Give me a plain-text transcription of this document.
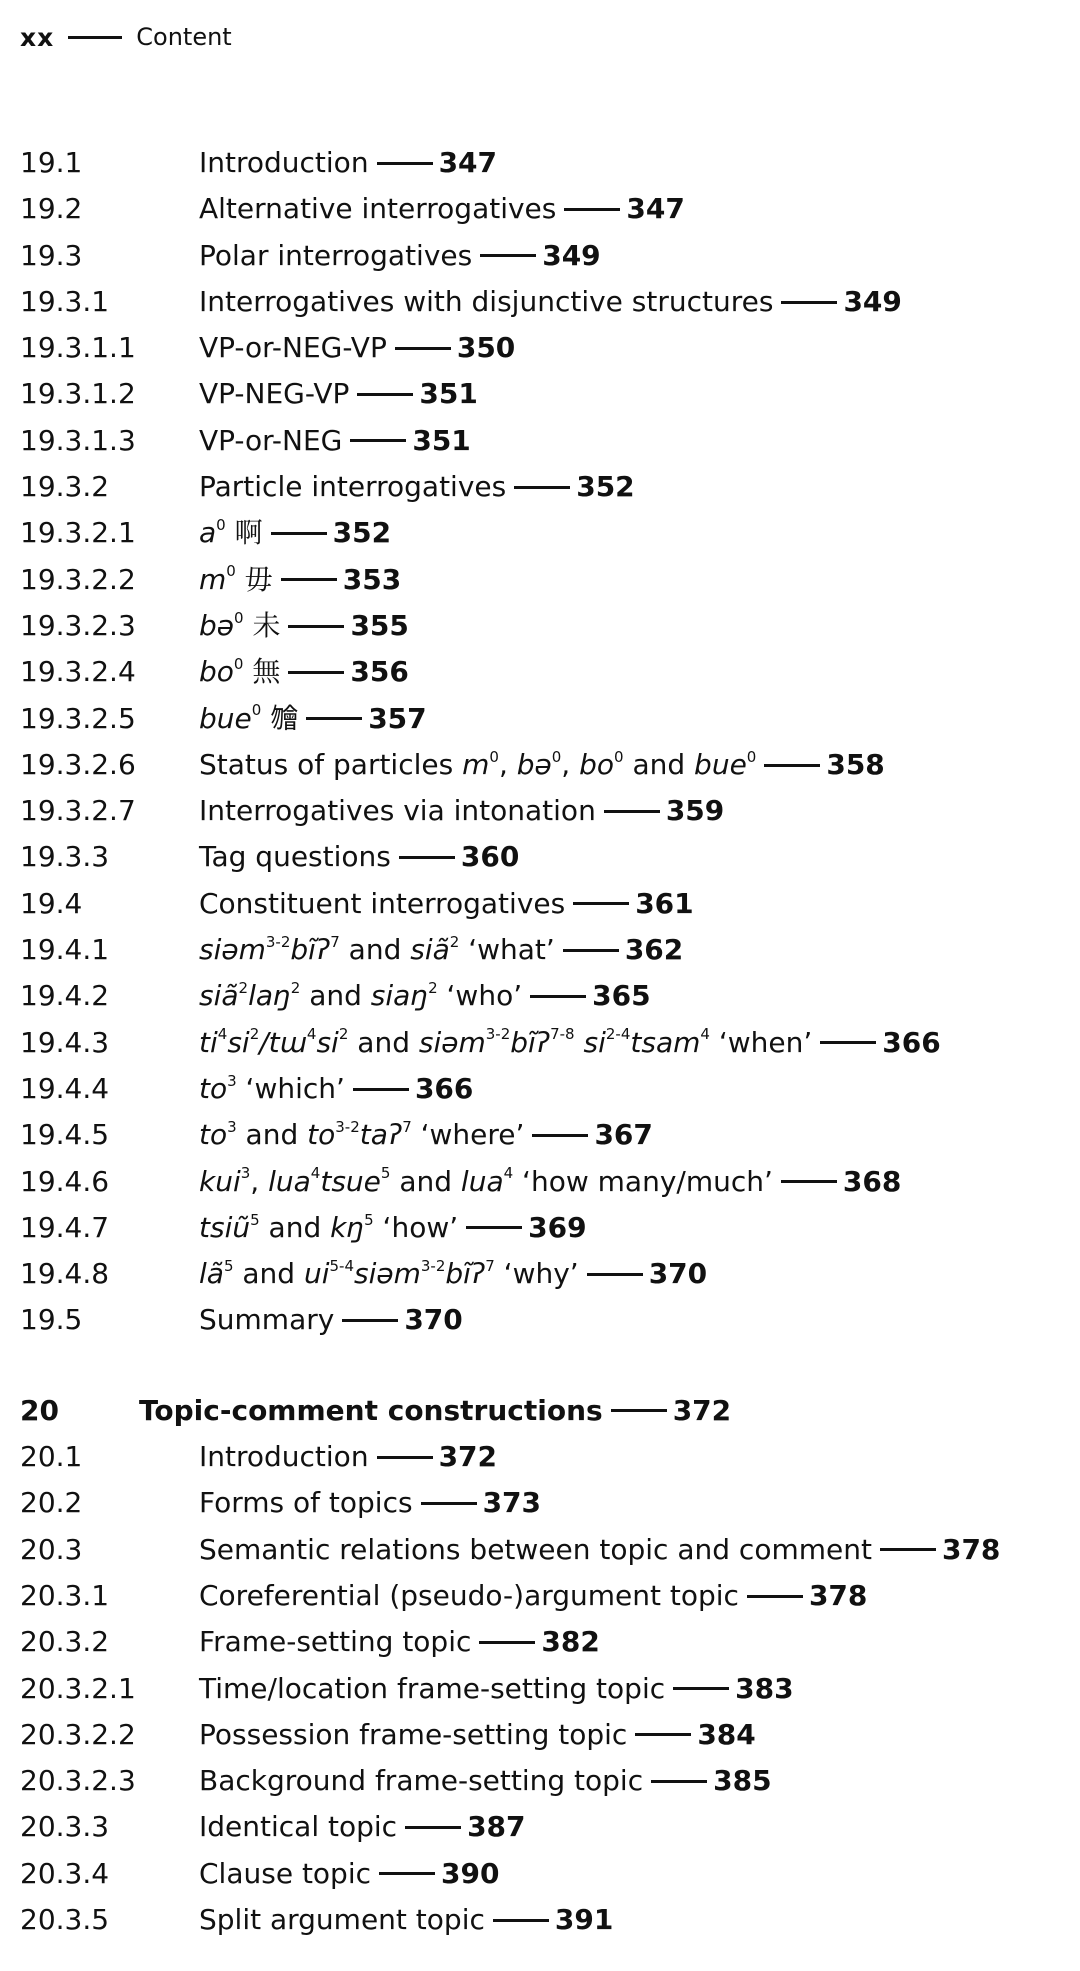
xx	Content
19.1	Introduction	347
19.2	Alternative interrogatives	347
19.3	Polar interrogatives	349
19.3.1	Interrogatives with disjunctive structures	349
19.3.1.1 VP-or-NEG-VP	350
19.3.1.2 VP-NEG-VP	351
19.3.1.3 VP-or-NEG	351
19.3.2	Particle interrogatives	352
19.3.2.1 $a^0$ 啊	352
19.3.2.2 $m^0$ 毋	353
19.3.2.3 bə$^0$ 未	355
19.3.2.4 $bo^0$ 無	356
19.3.2.5 bue$^0$ 𣍐	357
19.3.2.6 Status of particles $m^0$, bə$^0$, $bo^0$ and bue$^0$	358
19.3.2.7 Interrogatives via intonation	359
19.3.3	Tag questions	360
19.4	Constituent interrogatives	361
19.4.1	siəm$^{3-2}$bĩʔ$^7$ and siã$^2$ ‘what’	362
19.4.2	siã$^2$laŋ$^2$ and siaŋ$^2$ ‘who’	365
19.4.3	$ti^4si^2/tɯ^4si^2$ and siəm$^{3-2}$bĩʔ$^{7-8}$ $si^{2-4}tsam^4$ ‘when’	366
19.4.4	$to^3$ ‘which’	366
19.4.5	$to^3$ and $to^{3-2}taʔ^7$ ‘where’	367
19.4.6	kui$^3$, lua$^4$tsue$^5$ and lua$^4$ ‘how many/much’	368
19.4.7	tsiũ$^5$ and $kŋ^5$ ‘how’	369
19.4.8	$lã^5$ and $ui^{5-4}siəm^{3-2}bĩʔ^7$ ‘why’	370
19.5	Summary	370
20	Topic-comment constructions	372
20.1	Introduction	372
20.2	Forms of topics	373
20.3	Semantic relations between topic and comment	378
20.3.1	Coreferential (pseudo-)argument topic	378
20.3.2	Frame-setting topic	382
20.3.2.1 Time/location frame-setting topic	383
20.3.2.2 Possession frame-setting topic	384
20.3.2.3 Background frame-setting topic	385
20.3.3	Identical topic	387
20.3.4	Clause topic	390
20.3.5	Split argument topic	391
